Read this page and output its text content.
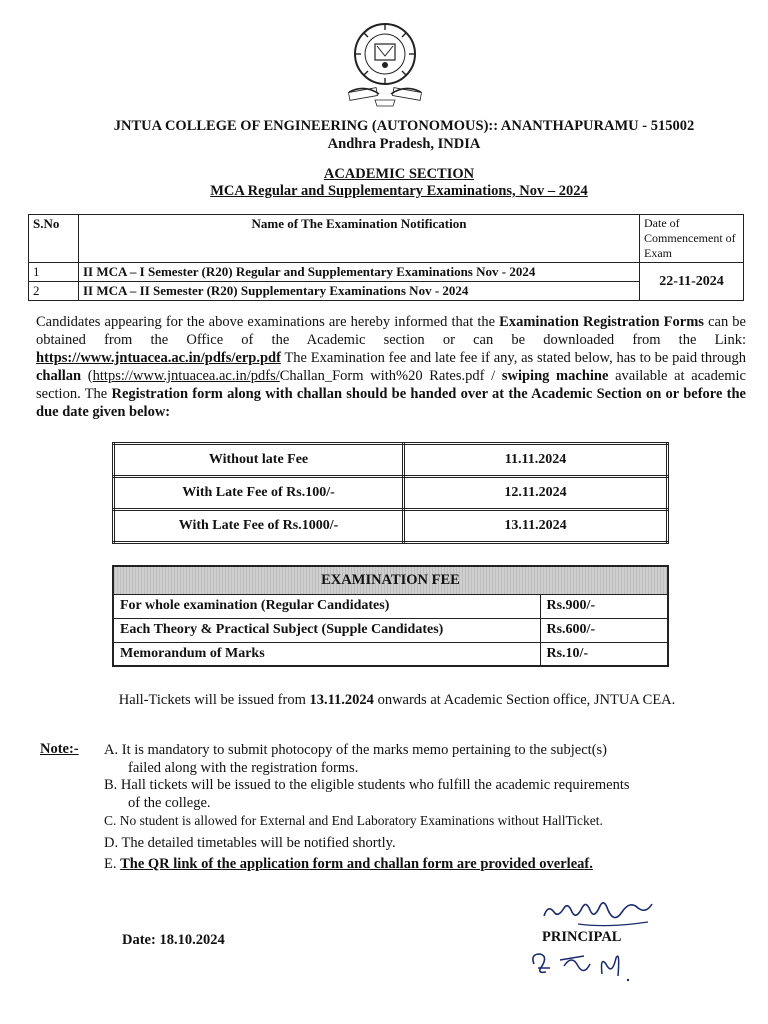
JNTUA COLLEGE OF ENGINEERING (AUTONOMOUS):: ANANTHAPURAMU - 515002
Andhra Pradesh, INDIA
ACADEMIC SECTION
MCA Regular and Supplementary Examinations, Nov – 2024
S.No	Name of The Examination Notification	Date of Commencement of Exam
1	II MCA – I Semester (R20) Regular and Supplementary Examinations Nov - 2024	22-11-2024
2	II MCA – II Semester (R20) Supplementary Examinations Nov - 2024	
Candidates appearing for the above examinations are hereby informed that the Examination Registration Forms can be obtained from the Office of the Academic section or can be downloaded from the Link: https://www.jntuacea.ac.in/pdfs/erp.pdf The Examination fee and late fee if any, as stated below, has to be paid through challan (https://www.jntuacea.ac.in/pdfs/Challan_Form with%20 Rates.pdf / swiping machine available at academic section. The Registration form along with challan should be handed over at the Academic Section on or before the due date given below:
Without late Fee	11.11.2024
With Late Fee of Rs.100/-	12.11.2024
With Late Fee of Rs.1000/-	13.11.2024
EXAMINATION FEE	
For whole examination (Regular Candidates)	Rs.900/-
Each Theory & Practical Subject (Supple Candidates)	Rs.600/-
Memorandum of Marks	Rs.10/-
Hall-Tickets will be issued from 13.11.2024 onwards at Academic Section office, JNTUA CEA.
Note:- A. It is mandatory to submit photocopy of the marks memo pertaining to the subject(s)
failed along with the registration forms.
B. Hall tickets will be issued to the eligible students who fulfill the academic requirements
of the college.
C. No student is allowed for External and End Laboratory Examinations without HallTicket.
D. The detailed timetables will be notified shortly.
E. The QR link of the application form and challan form are provided overleaf.
Date: 18.10.2024	PRINCIPAL
